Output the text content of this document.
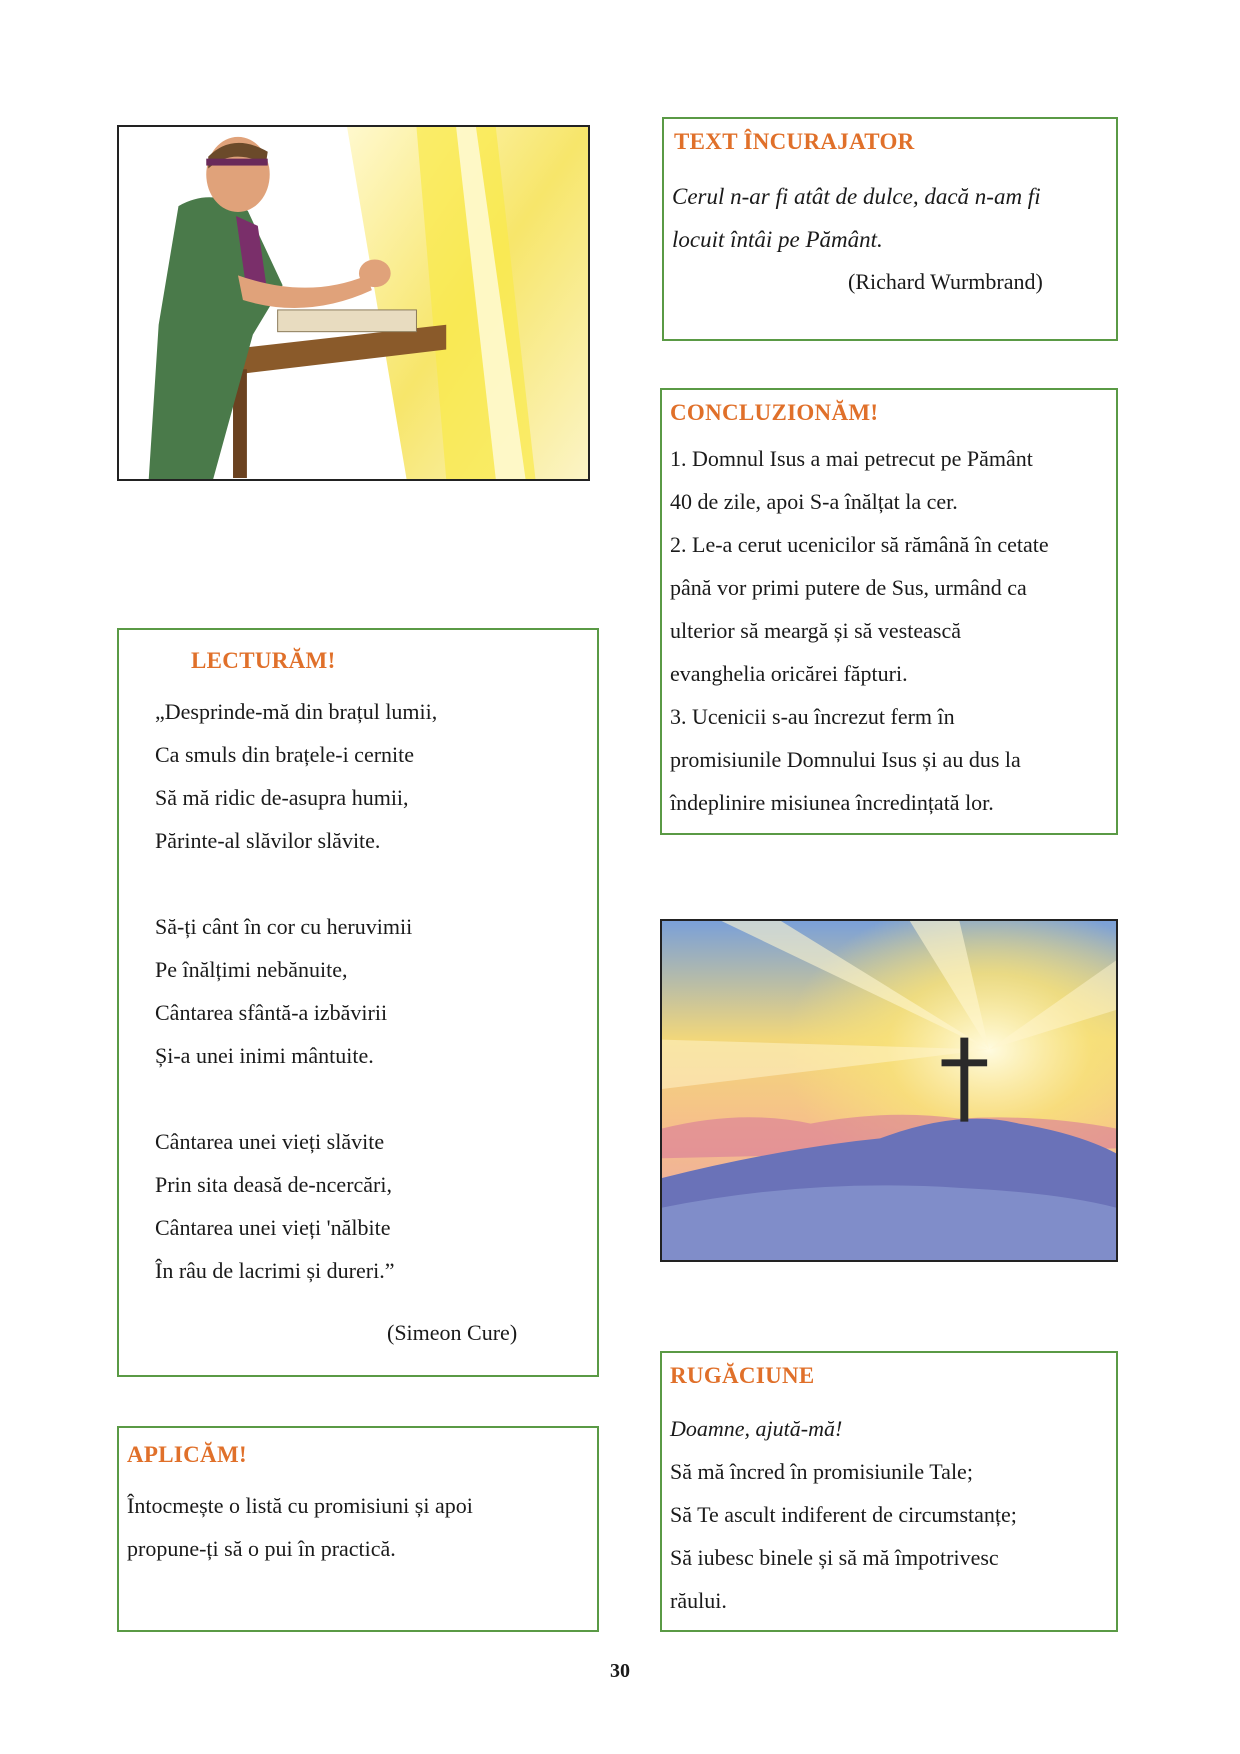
TEXT ÎNCURAJATOR
Cerul n-ar fi atât de dulce, dacă n-am fi
locuit întâi pe Pământ.
(Richard Wurmbrand)
CONCLUZIONĂM!
1. Domnul Isus a mai petrecut pe Pământ
40 de zile, apoi S-a înălțat la cer.
2. Le-a cerut ucenicilor să rămână în cetate
până vor primi putere de Sus, urmând ca
ulterior să meargă și să vestească
evanghelia oricărei făpturi.
3. Ucenicii s-au încrezut ferm în
promisiunile Domnului Isus și au dus la
îndeplinire misiunea încredințată lor.
LECTURĂM!
„Desprinde-mă din brațul lumii,
Ca smuls din brațele-i cernite
Să mă ridic de-asupra humii,
Părinte-al slăvilor slăvite.
Să-ți cânt în cor cu heruvimii
Pe înălțimi nebănuite,
Cântarea sfântă-a izbăvirii
Și-a unei inimi mântuite.
Cântarea unei vieți slăvite
Prin sita deasă de-ncercări,
Cântarea unei vieți 'nălbite
În râu de lacrimi și dureri.”
(Simeon Cure)
APLICĂM!
Întocmește o listă cu promisiuni și apoi
propune-ți să o pui în practică.
RUGĂCIUNE
Doamne, ajută-mă!
Să mă încred în promisiunile Tale;
Să Te ascult indiferent de circumstanțe;
Să iubesc binele și să mă împotrivesc
răului.
30
